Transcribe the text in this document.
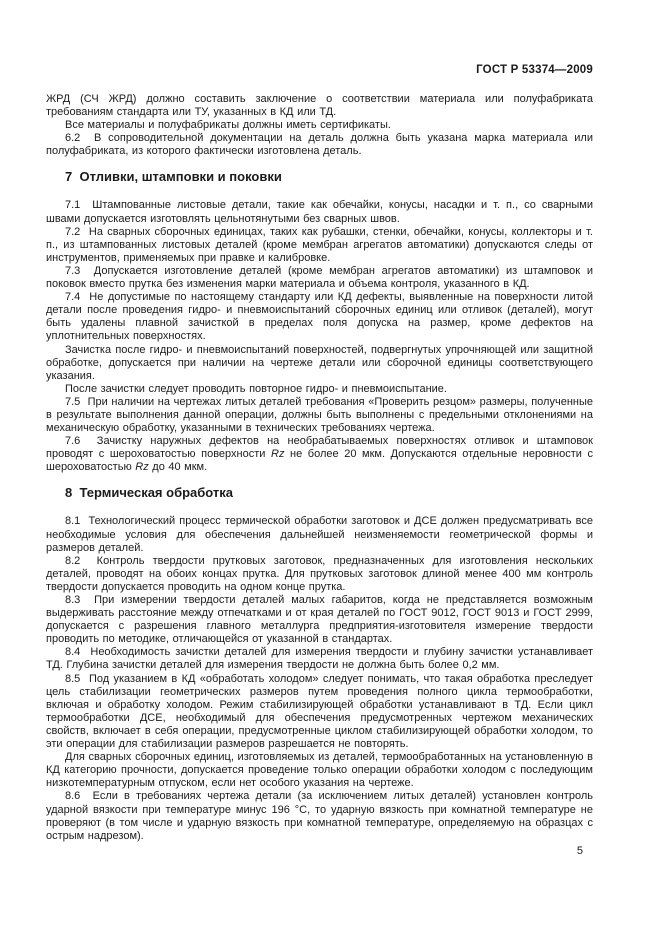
ГОСТ Р 53374—2009

ЖРД (СЧ ЖРД) должно составить заключение о соответствии материала или полуфабриката требованиям стандарта или ТУ, указанных в КД или ТД.

Все материалы и полуфабрикаты должны иметь сертификаты.

6.2  В сопроводительной документации на деталь должна быть указана марка материала или полуфабриката, из которого фактически изготовлена деталь.

7  Отливки, штамповки и поковки

7.1  Штампованные листовые детали, такие как обечайки, конусы, насадки и т. п., со сварными швами допускается изготовлять цельнотянутыми без сварных швов.

7.2  На сварных сборочных единицах, таких как рубашки, стенки, обечайки, конусы, коллекторы и т. п., из штампованных листовых деталей (кроме мембран агрегатов автоматики) допускаются следы от инструментов, применяемых при правке и калибровке.

7.3  Допускается изготовление деталей (кроме мембран агрегатов автоматики) из штамповок и поковок вместо прутка без изменения марки материала и объема контроля, указанного в КД.

7.4  Не допустимые по настоящему стандарту или КД дефекты, выявленные на поверхности литой детали после проведения гидро- и пневмоиспытаний сборочных единиц или отливок (деталей), могут быть удалены плавной зачисткой в пределах поля допуска на размер, кроме дефектов на уплотнительных поверхностях.

Зачистка после гидро- и пневмоиспытаний поверхностей, подвергнутых упрочняющей или защитной обработке, допускается при наличии на чертеже детали или сборочной единицы соответствующего указания.

После зачистки следует проводить повторное гидро- и пневмоиспытание.

7.5  При наличии на чертежах литых деталей требования «Проверить резцом» размеры, полученные в результате выполнения данной операции, должны быть выполнены с предельными отклонениями на механическую обработку, указанными в технических требованиях чертежа.

7.6  Зачистку наружных дефектов на необрабатываемых поверхностях отливок и штамповок проводят с шероховатостью поверхности Rz не более 20 мкм. Допускаются отдельные неровности с шероховатостью Rz до 40 мкм.

8  Термическая обработка

8.1  Технологический процесс термической обработки заготовок и ДСЕ должен предусматривать все необходимые условия для обеспечения дальнейшей неизменяемости геометрической формы и размеров деталей.

8.2  Контроль твердости прутковых заготовок, предназначенных для изготовления нескольких деталей, проводят на обоих концах прутка. Для прутковых заготовок длиной менее 400 мм контроль твердости допускается проводить на одном конце прутка.

8.3  При измерении твердости деталей малых габаритов, когда не представляется возможным выдерживать расстояние между отпечатками и от края деталей по ГОСТ 9012, ГОСТ 9013 и ГОСТ 2999, допускается с разрешения главного металлурга предприятия-изготовителя измерение твердости проводить по методике, отличающейся от указанной в стандартах.

8.4  Необходимость зачистки деталей для измерения твердости и глубину зачистки устанавливает ТД. Глубина зачистки деталей для измерения твердости не должна быть более 0,2 мм.

8.5  Под указанием в КД «обработать холодом» следует понимать, что такая обработка преследует цель стабилизации геометрических размеров путем проведения полного цикла термообработки, включая и обработку холодом. Режим стабилизирующей обработки устанавливают в ТД. Если цикл термообработки ДСЕ, необходимый для обеспечения предусмотренных чертежом механических свойств, включает в себя операции, предусмотренные циклом стабилизирующей обработки холодом, то эти операции для стабилизации размеров разрешается не повторять.

Для сварных сборочных единиц, изготовляемых из деталей, термообработанных на установленную в КД категорию прочности, допускается проведение только операции обработки холодом с последующим низкотемпературным отпуском, если нет особого указания на чертеже.

8.6  Если в требованиях чертежа детали (за исключением литых деталей) установлен контроль ударной вязкости при температуре минус 196 °С, то ударную вязкость при комнатной температуре не проверяют (в том числе и ударную вязкость при комнатной температуре, определяемую на образцах с острым надрезом).

5
